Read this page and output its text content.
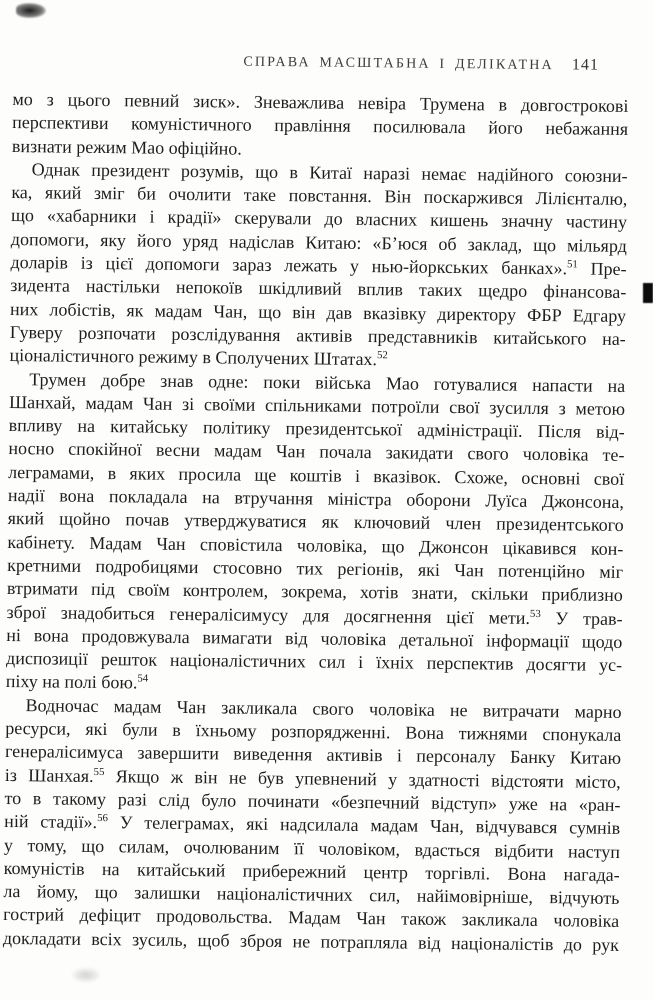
СПРАВА МАСШТАБНА І ДЕЛІКАТНА 141
мо з цього певний зиск». Зневажлива невіра Трумена в довгострокові
перспективи комуністичного правління посилювала його небажання
визнати режим Мао офіційно.
Однак президент розумів, що в Китаї наразі немає надійного союзни-
ка, який зміг би очолити таке повстання. Він поскаржився Лілієнталю,
що «хабарники і крадії» скерували до власних кишень значну частину
допомоги, яку його уряд надіслав Китаю: «Б’юся об заклад, що мільярд
доларів із цієї допомоги зараз лежать у нью-йоркських банках».$^{51}$ Пре-
зидента настільки непокоїв шкідливий вплив таких щедро фінансова-
них лобістів, як мадам Чан, що він дав вказівку директору ФБР Едгару
Гуверу розпочати розслідування активів представників китайського на-
ціоналістичного режиму в Сполучених Штатах.$^{52}$
Трумен добре знав одне: поки війська Мао готувалися напасти на
Шанхай, мадам Чан зі своїми спільниками потроїли свої зусилля з метою
впливу на китайську політику президентської адміністрації. Після від-
носно спокійної весни мадам Чан почала закидати свого чоловіка те-
леграмами, в яких просила ще коштів і вказівок. Схоже, основні свої
надії вона покладала на втручання міністра оборони Луїса Джонсона,
який щойно почав утверджуватися як ключовий член президентського
кабінету. Мадам Чан сповістила чоловіка, що Джонсон цікавився кон-
кретними подробицями стосовно тих регіонів, які Чан потенційно міг
втримати під своїм контролем, зокрема, хотів знати, скільки приблизно
зброї знадобиться генералісимусу для досягнення цієї мети.$^{53}$ У трав-
ні вона продовжувала вимагати від чоловіка детальної інформації щодо
диспозиції решток націоналістичних сил і їхніх перспектив досягти ус-
піху на полі бою.$^{54}$
Водночас мадам Чан закликала свого чоловіка не витрачати марно
ресурси, які були в їхньому розпорядженні. Вона тижнями спонукала
генералісимуса завершити виведення активів і персоналу Банку Китаю
із Шанхая.$^{55}$ Якщо ж він не був упевнений у здатності відстояти місто,
то в такому разі слід було починати «безпечний відступ» уже на «ран-
ній стадії».$^{56}$ У телеграмах, які надсилала мадам Чан, відчувався сумнів
у тому, що силам, очолюваним її чоловіком, вдасться відбити наступ
комуністів на китайський прибережний центр торгівлі. Вона нагада-
ла йому, що залишки націоналістичних сил, найімовірніше, відчують
гострий дефіцит продовольства. Мадам Чан також закликала чоловіка
докладати всіх зусиль, щоб зброя не потрапляла від націоналістів до рук
